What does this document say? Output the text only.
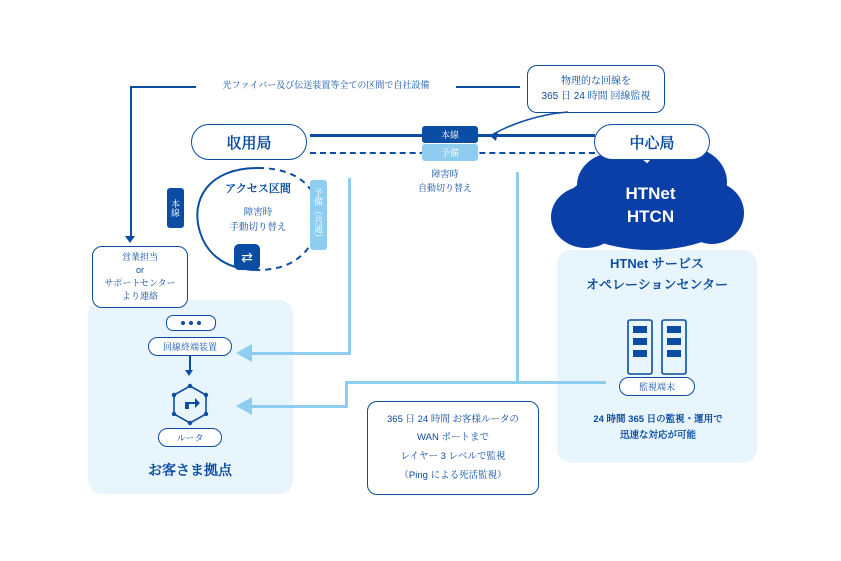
HTNet
HTCN
光ファイバー及び伝送装置等全ての区間で自社設備	物理的な回線を
365 日 24 時間 回線監視
収用局	中心局
本線
予備
障害時
自動切り替え
アクセス区間
障害時
手動切り替え
⇄
本線	予備（共通）
営業担当
or
サポートセンター
より連絡
回線終端装置
ルータ
お客さま拠点
HTNet サービス
オペレーションセンター
監視端末
24 時間 365 日の監視・運用で
迅速な対応が可能
365 日 24 時間 お客様ルータの
WAN ポートまで
レイヤー 3 レベルで監視
（Ping による死活監視）
